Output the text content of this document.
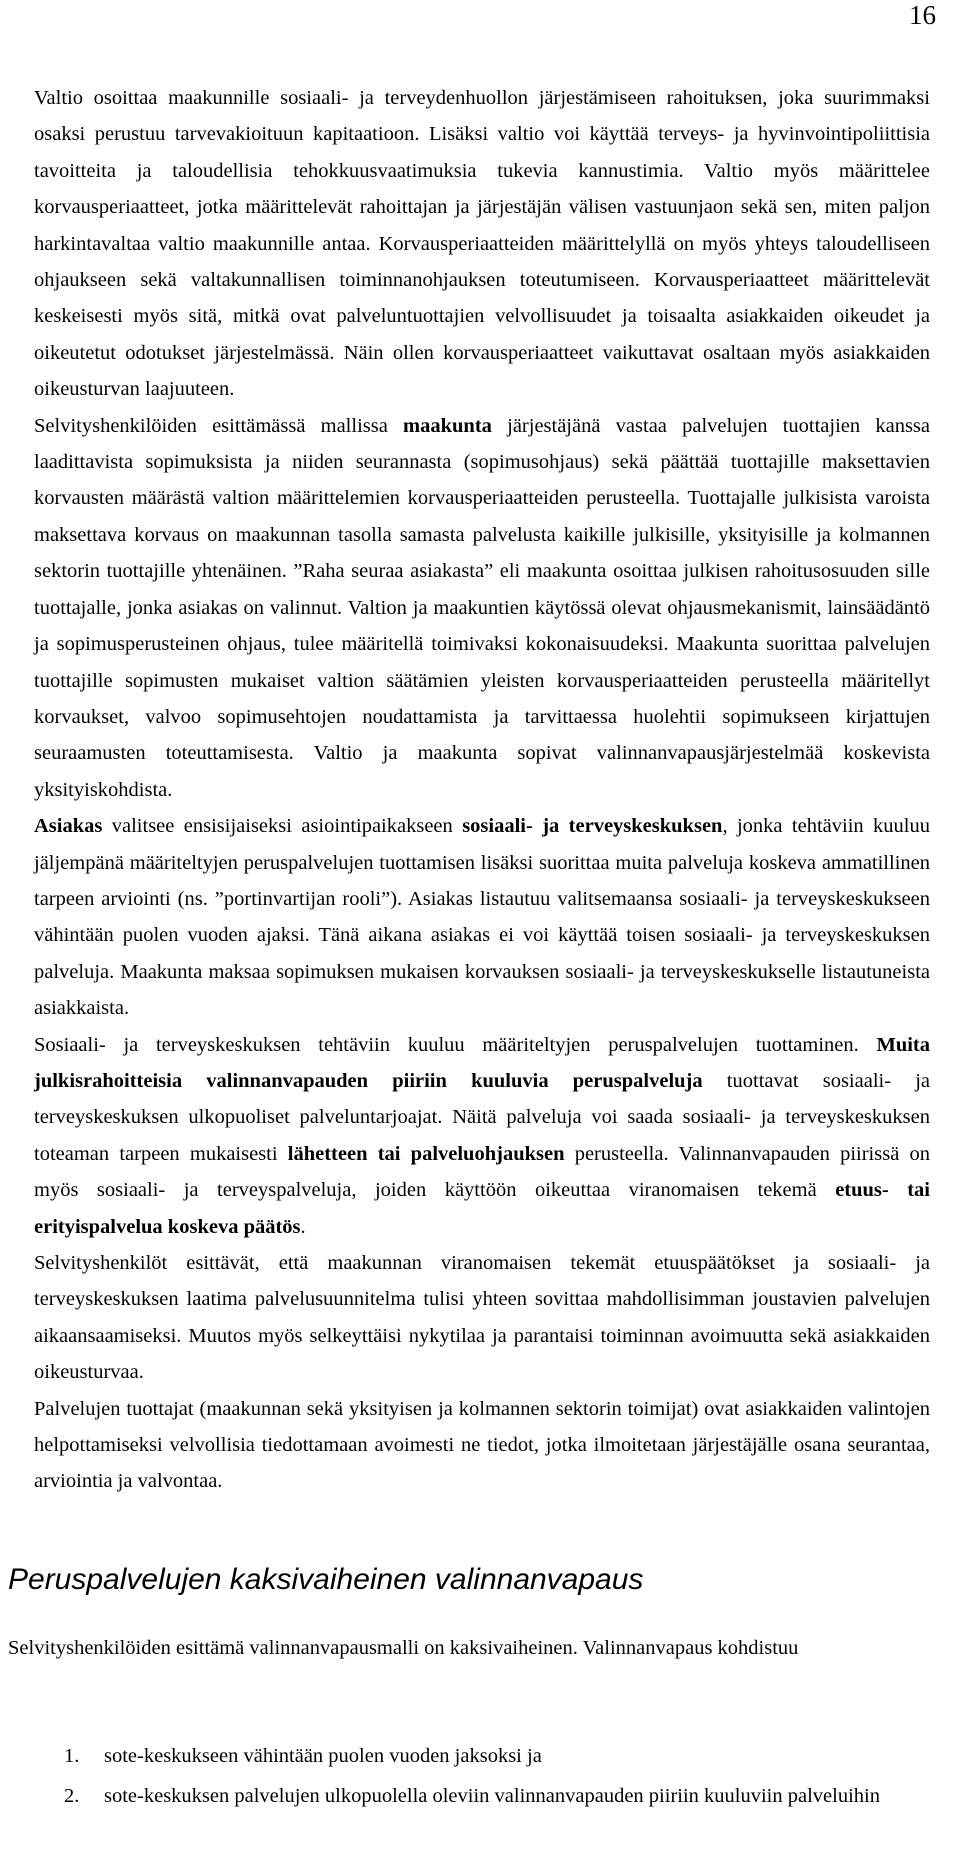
16

Valtio osoittaa maakunnille sosiaali- ja terveydenhuollon järjestämiseen rahoituksen, joka suurimmaksi osaksi perustuu tarvevakioituun kapitaatioon. Lisäksi valtio voi käyttää terveys- ja hyvinvointipoliittisia tavoitteita ja taloudellisia tehokkuusvaatimuksia tukevia kannustimia. Valtio myös määrittelee korvausperiaatteet, jotka määrittelevät rahoittajan ja järjestäjän välisen vastuunjaon sekä sen, miten paljon harkintavaltaa valtio maakunnille antaa. Korvausperiaatteiden määrittelyllä on myös yhteys taloudelliseen ohjaukseen sekä valtakunnallisen toiminnanohjauksen toteutumiseen. Korvausperiaatteet määrittelevät keskeisesti myös sitä, mitkä ovat palveluntuottajien velvollisuudet ja toisaalta asiakkaiden oikeudet ja oikeutetut odotukset järjestelmässä. Näin ollen korvausperiaatteet vaikuttavat osaltaan myös asiakkaiden oikeusturvan laajuuteen.

Selvityshenkilöiden esittämässä mallissa maakunta järjestäjänä vastaa palvelujen tuottajien kanssa laadittavista sopimuksista ja niiden seurannasta (sopimusohjaus) sekä päättää tuottajille maksettavien korvausten määrästä valtion määrittelemien korvausperiaatteiden perusteella. Tuottajalle julkisista varoista maksettava korvaus on maakunnan tasolla samasta palvelusta kaikille julkisille, yksityisille ja kolmannen sektorin tuottajille yhtenäinen. ”Raha seuraa asiakasta” eli maakunta osoittaa julkisen rahoitusosuuden sille tuottajalle, jonka asiakas on valinnut. Valtion ja maakuntien käytössä olevat ohjausmekanismit, lainsäädäntö ja sopimusperusteinen ohjaus, tulee määritellä toimivaksi kokonaisuudeksi. Maakunta suorittaa palvelujen tuottajille sopimusten mukaiset valtion säätämien yleisten korvausperiaatteiden perusteella määritellyt korvaukset, valvoo sopimusehtojen noudattamista ja tarvittaessa huolehtii sopimukseen kirjattujen seuraamusten toteuttamisesta. Valtio ja maakunta sopivat valinnanvapausjärjestelmää koskevista yksityiskohdista.

Asiakas valitsee ensisijaiseksi asiointipaikakseen sosiaali- ja terveyskeskuksen, jonka tehtäviin kuuluu jäljempänä määriteltyjen peruspalvelujen tuottamisen lisäksi suorittaa muita palveluja koskeva ammatillinen tarpeen arviointi (ns. ”portinvartijan rooli”). Asiakas listautuu valitsemaansa sosiaali- ja terveyskeskukseen vähintään puolen vuoden ajaksi. Tänä aikana asiakas ei voi käyttää toisen sosiaali- ja terveyskeskuksen palveluja. Maakunta maksaa sopimuksen mukaisen korvauksen sosiaali- ja terveyskeskukselle listautuneista asiakkaista.

Sosiaali- ja terveyskeskuksen tehtäviin kuuluu määriteltyjen peruspalvelujen tuottaminen. Muita julkisrahoitteisia valinnanvapauden piiriin kuuluvia peruspalveluja tuottavat sosiaali- ja terveyskeskuksen ulkopuoliset palveluntarjoajat. Näitä palveluja voi saada sosiaali- ja terveyskeskuksen toteaman tarpeen mukaisesti lähetteen tai palveluohjauksen perusteella. Valinnanvapauden piirissä on myös sosiaali- ja terveyspalveluja, joiden käyttöön oikeuttaa viranomaisen tekemä etuus- tai erityispalvelua koskeva päätös.

Selvityshenkilöt esittävät, että maakunnan viranomaisen tekemät etuuspäätökset ja sosiaali- ja terveyskeskuksen laatima palvelusuunnitelma tulisi yhteen sovittaa mahdollisimman joustavien palvelujen aikaansaamiseksi. Muutos myös selkeyttäisi nykytilaa ja parantaisi toiminnan avoimuutta sekä asiakkaiden oikeusturvaa.

Palvelujen tuottajat (maakunnan sekä yksityisen ja kolmannen sektorin toimijat) ovat asiakkaiden valintojen helpottamiseksi velvollisia tiedottamaan avoimesti ne tiedot, jotka ilmoitetaan järjestäjälle osana seurantaa, arviointia ja valvontaa.

Peruspalvelujen kaksivaiheinen valinnanvapaus

Selvityshenkilöiden esittämä valinnanvapausmalli on kaksivaiheinen. Valinnanvapaus kohdistuu

1. sote-keskukseen vähintään puolen vuoden jaksoksi ja
2. sote-keskuksen palvelujen ulkopuolella oleviin valinnanvapauden piiriin kuuluviin palveluihin
